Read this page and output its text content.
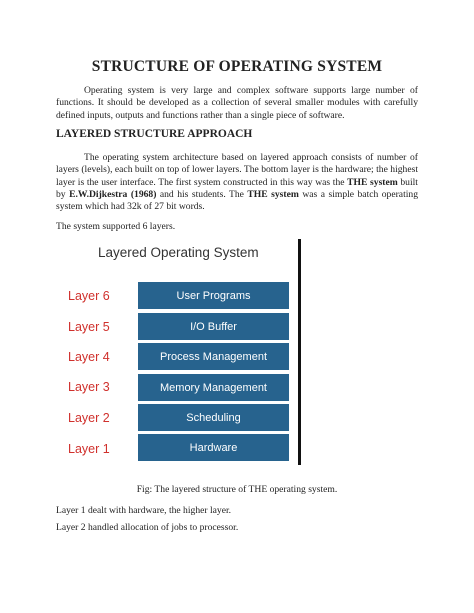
STRUCTURE OF OPERATING SYSTEM
Operating system is very large and complex software supports large number of functions. It should be developed as a collection of several smaller modules with carefully defined inputs, outputs and functions rather than a single piece of software.
LAYERED STRUCTURE APPROACH
The operating system architecture based on layered approach consists of number of layers (levels), each built on top of lower layers. The bottom layer is the hardware; the highest layer is the user interface. The first system constructed in this way was the THE system built by E.W.Dijkestra (1968) and his students. The THE system was a simple batch operating system which had 32k of 27 bit words.
The system supported 6 layers.
Layered Operating System
Layer 6	User Programs
Layer 5	I/O Buffer
Layer 4	Process Management
Layer 3	Memory Management
Layer 2	Scheduling
Layer 1	Hardware
Fig: The layered structure of THE operating system.
Layer 1 dealt with hardware, the higher layer.
Layer 2 handled allocation of jobs to processor.
